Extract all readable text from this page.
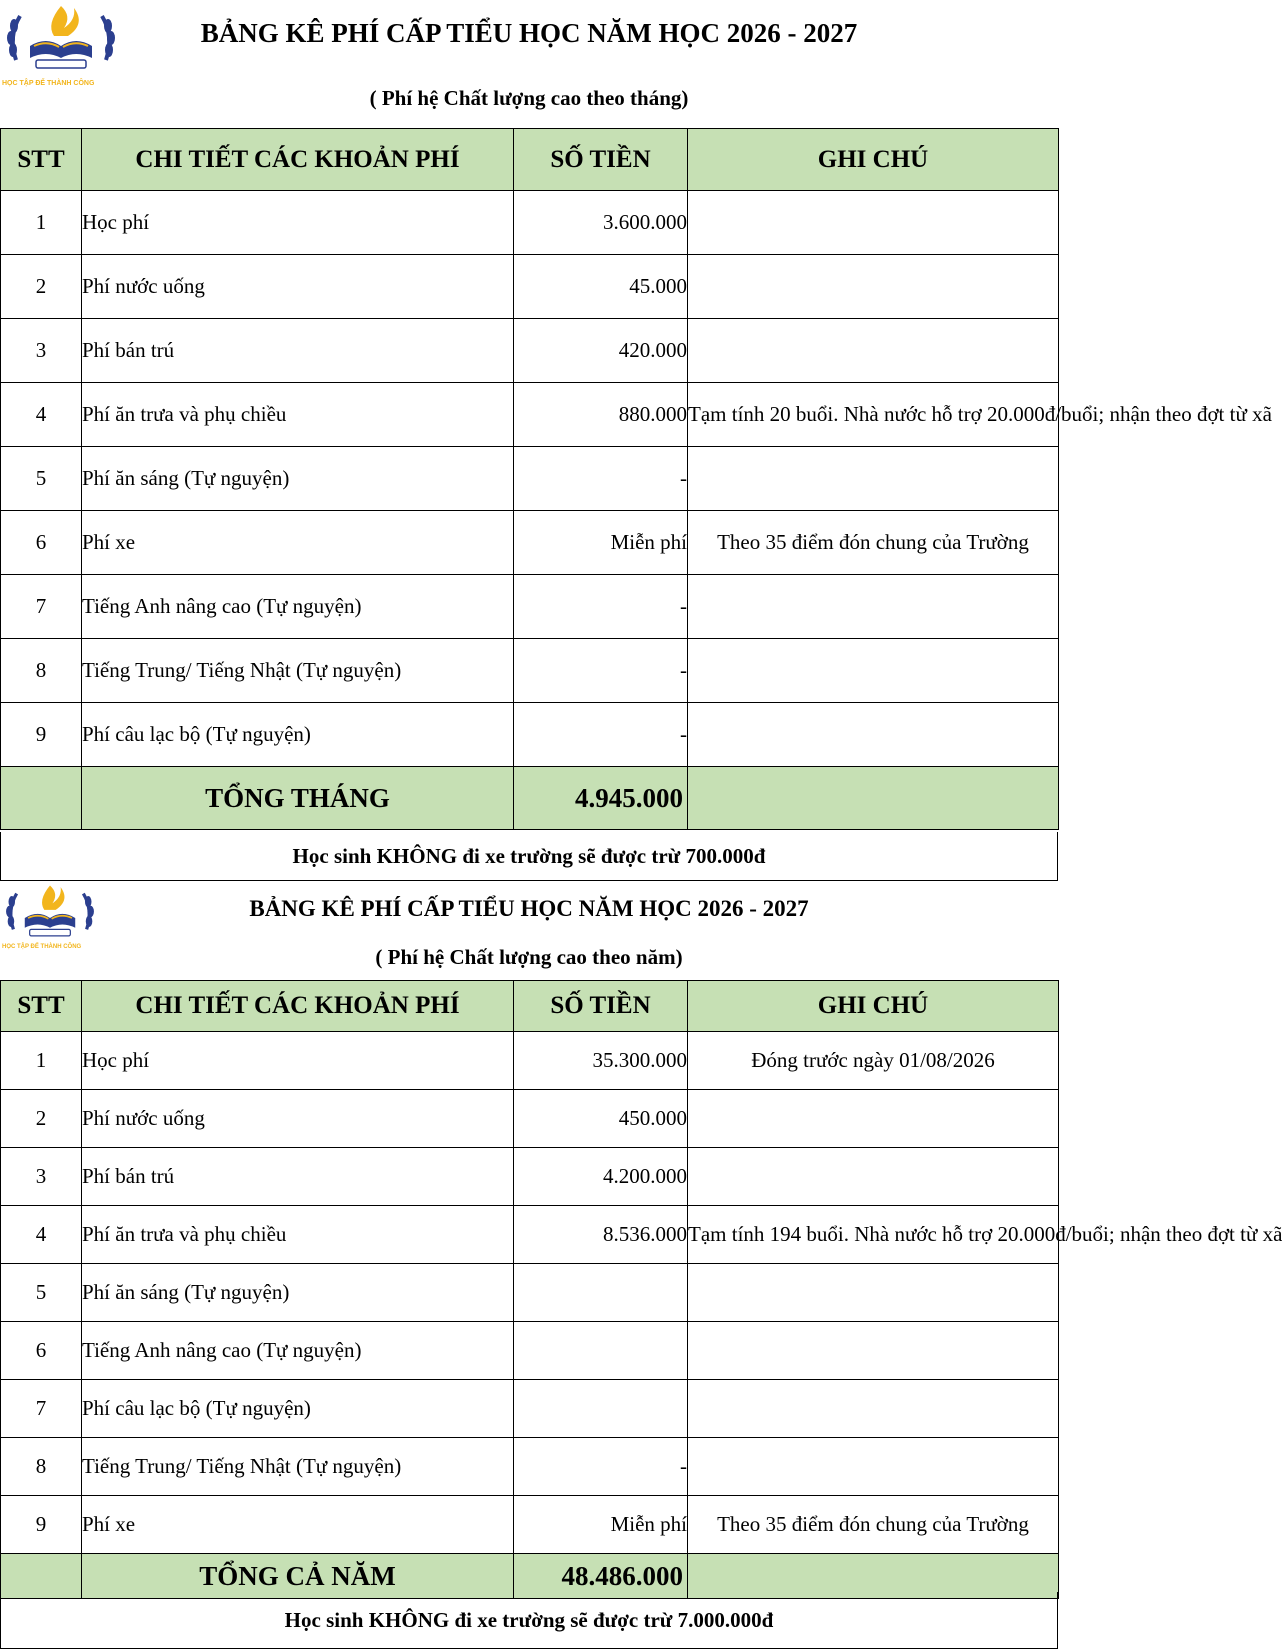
HỌC TẬP ĐỂ THÀNH CÔNG
BẢNG KÊ PHÍ CẤP TIỂU HỌC NĂM HỌC 2026 - 2027
( Phí hệ Chất lượng cao theo tháng)
STT	CHI TIẾT CÁC KHOẢN PHÍ	SỐ TIỀN	GHI CHÚ
1	Học phí	3.600.000	
2	Phí nước uống	45.000	
3	Phí bán trú	420.000	
4	Phí ăn trưa và phụ chiều	880.000	Tạm tính 20 buổi. Nhà nước hỗ trợ 20.000đ/buổi; nhận theo đợt từ xã
5	Phí ăn sáng (Tự nguyện)	-	
6	Phí xe	Miễn phí	Theo 35 điểm đón chung của Trường
7	Tiếng Anh nâng cao (Tự nguyện)	-	
8	Tiếng Trung/ Tiếng Nhật (Tự nguyện)	-	
9	Phí câu lạc bộ (Tự nguyện)	-	
	TỔNG THÁNG	4.945.000	
Học sinh KHÔNG đi xe trường sẽ được trừ 700.000đ
HỌC TẬP ĐỂ THÀNH CÔNG
BẢNG KÊ PHÍ CẤP TIỂU HỌC NĂM HỌC 2026 - 2027
( Phí hệ Chất lượng cao theo năm)
STT	CHI TIẾT CÁC KHOẢN PHÍ	SỐ TIỀN	GHI CHÚ
1	Học phí	35.300.000	Đóng trước ngày 01/08/2026
2	Phí nước uống	450.000	
3	Phí bán trú	4.200.000	
4	Phí ăn trưa và phụ chiều	8.536.000	Tạm tính 194 buổi. Nhà nước hỗ trợ 20.000đ/buổi; nhận theo đợt từ xã
5	Phí ăn sáng (Tự nguyện)		
6	Tiếng Anh nâng cao (Tự nguyện)		
7	Phí câu lạc bộ (Tự nguyện)		
8	Tiếng Trung/ Tiếng Nhật (Tự nguyện)	-	
9	Phí xe	Miễn phí	Theo 35 điểm đón chung của Trường
	TỔNG CẢ NĂM	48.486.000	
Học sinh KHÔNG đi xe trường sẽ được trừ 7.000.000đ
